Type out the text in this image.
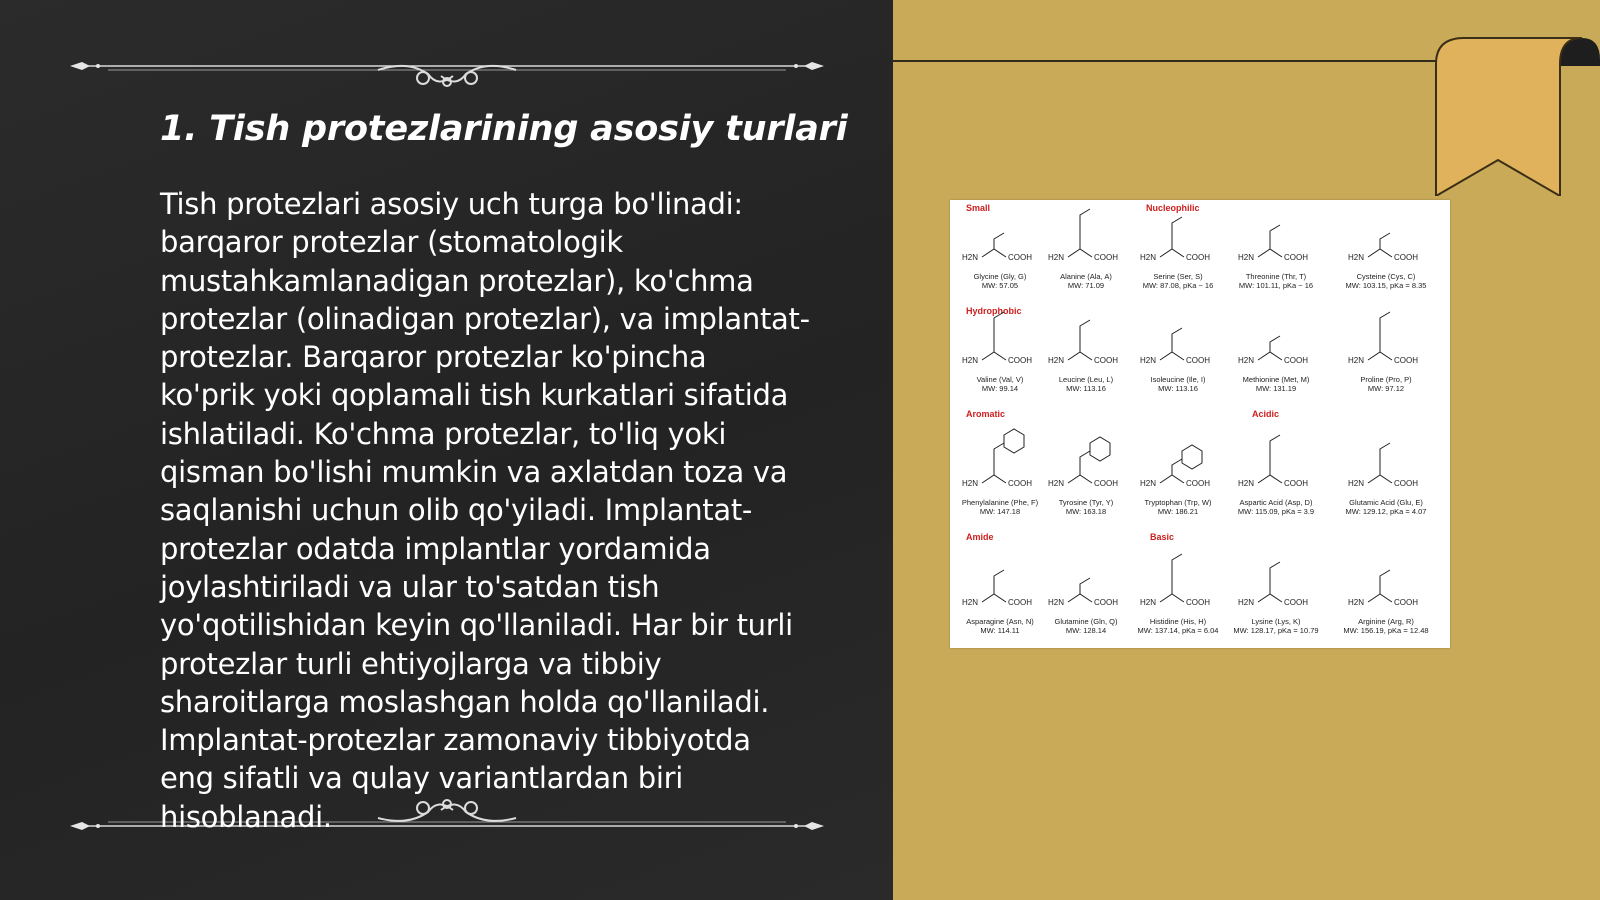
1. Tish protezlarining asosiy turlari

Tish protezlari asosiy uch turga bo'linadi:
barqaror protezlar (stomatologik
mustahkamlanadigan protezlar), ko'chma
protezlar (olinadigan protezlar), va implantat-
protezlar. Barqaror protezlar ko'pincha
ko'prik yoki qoplamali tish kurkatlari sifatida
ishlatiladi. Ko'chma protezlar, to'liq yoki
qisman bo'lishi mumkin va axlatdan toza va
saqlanishi uchun olib qo'yiladi. Implantat-
protezlar odatda implantlar yordamida
joylashtiriladi va ular to'satdan tish
yo'qotilishidan keyin qo'llaniladi. Har bir turli
protezlar turli ehtiyojlarga va tibbiy
sharoitlarga moslashgan holda qo'llaniladi.
Implantat-protezlar zamonaviy tibbiyotda
eng sifatli va qulay variantlardan biri
hisoblanadi.

Small	Nucleophilic
Hydrophobic
Aromatic	Acidic
Amide	Basic
H2N	COOH
Glycine (Gly, G)
MW: 57.05
H2N	COOH
Alanine (Ala, A)
MW: 71.09
H2N	COOH
Serine (Ser, S)
MW: 87.08, pKa ~ 16
H2N	COOH
Threonine (Thr, T)
MW: 101.11, pKa ~ 16
H2N	COOH
Cysteine (Cys, C)
MW: 103.15, pKa = 8.35
H2N	COOH
Valine (Val, V)
MW: 99.14
H2N	COOH
Leucine (Leu, L)
MW: 113.16
H2N	COOH
Isoleucine (Ile, I)
MW: 113.16
H2N	COOH
Methionine (Met, M)
MW: 131.19
H2N	COOH
Proline (Pro, P)
MW: 97.12
H2N	COOH
Phenylalanine (Phe, F)
MW: 147.18
H2N	COOH
Tyrosine (Tyr, Y)
MW: 163.18
H2N	COOH
Tryptophan (Trp, W)
MW: 186.21
H2N	COOH
Aspartic Acid (Asp, D)
MW: 115.09, pKa = 3.9
H2N	COOH
Glutamic Acid (Glu, E)
MW: 129.12, pKa = 4.07
H2N	COOH
Asparagine (Asn, N)
MW: 114.11
H2N	COOH
Glutamine (Gln, Q)
MW: 128.14
H2N	COOH
Histidine (His, H)
MW: 137.14, pKa = 6.04
H2N	COOH
Lysine (Lys, K)
MW: 128.17, pKa = 10.79
H2N	COOH
Arginine (Arg, R)
MW: 156.19, pKa = 12.48
